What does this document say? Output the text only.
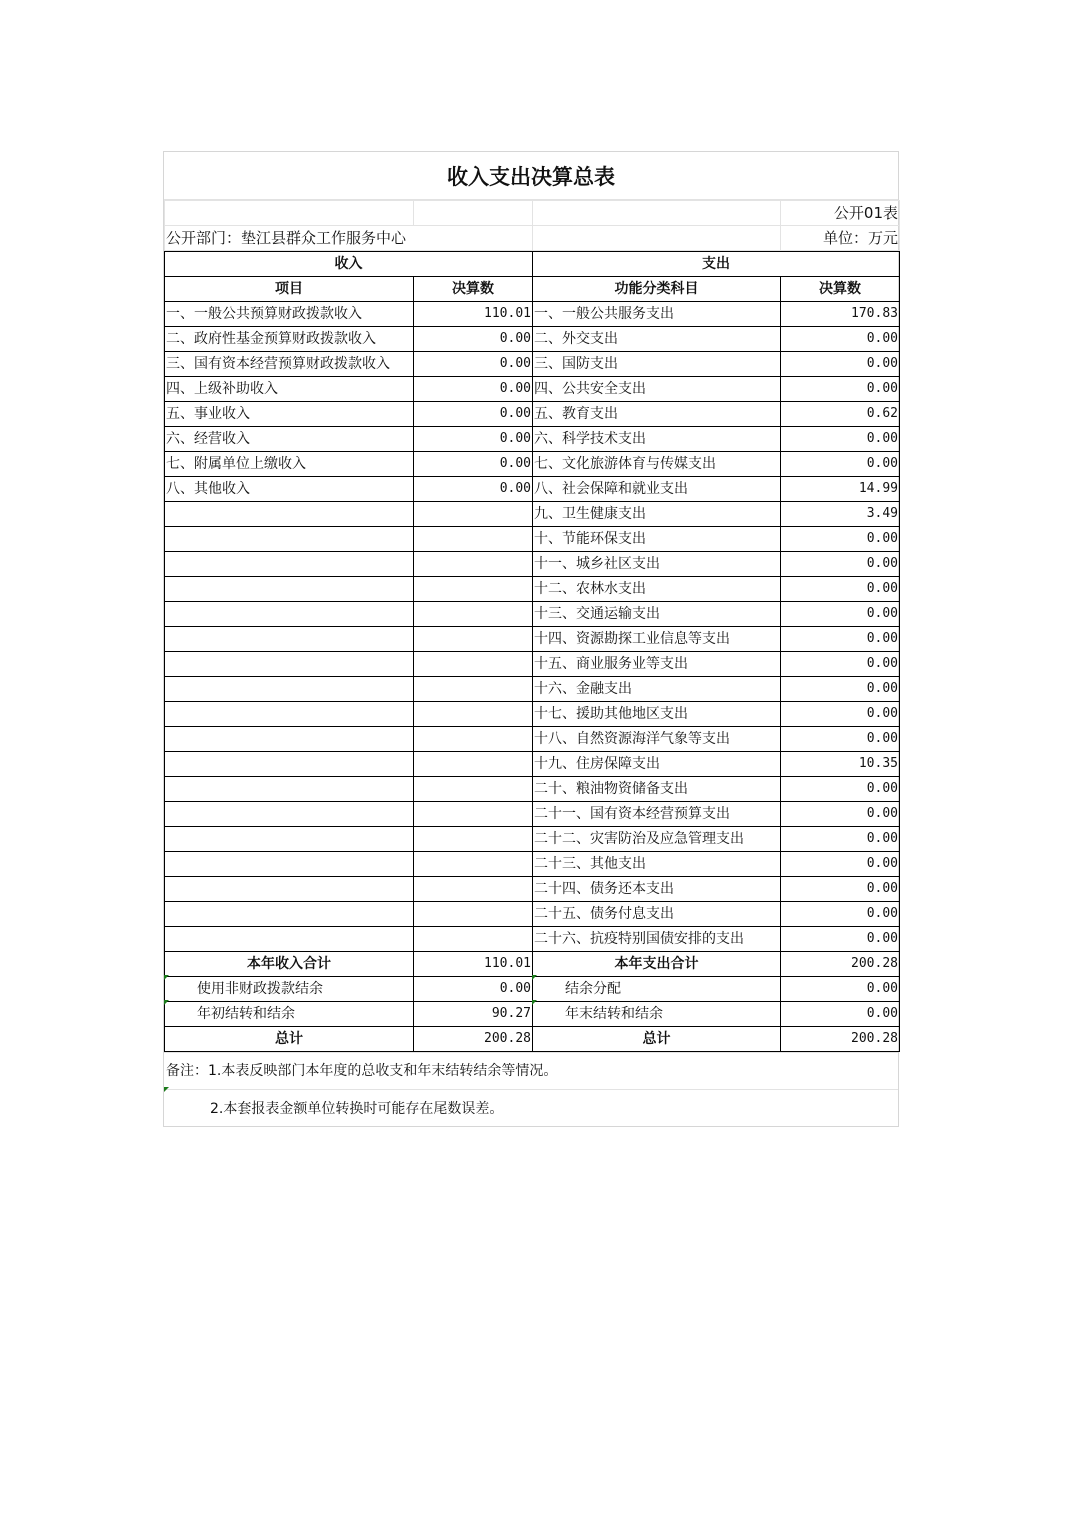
收入支出决算总表
			公开01表
公开部门：垫江县群众工作服务中心			单位：万元
收入		支出	
项目	决算数	功能分类科目	决算数
一、一般公共预算财政拨款收入	110.01	一、一般公共服务支出	170.83
二、政府性基金预算财政拨款收入	0.00	二、外交支出	0.00
三、国有资本经营预算财政拨款收入	0.00	三、国防支出	0.00
四、上级补助收入	0.00	四、公共安全支出	0.00
五、事业收入	0.00	五、教育支出	0.62
六、经营收入	0.00	六、科学技术支出	0.00
七、附属单位上缴收入	0.00	七、文化旅游体育与传媒支出	0.00
八、其他收入	0.00	八、社会保障和就业支出	14.99
		九、卫生健康支出	3.49
		十、节能环保支出	0.00
		十一、城乡社区支出	0.00
		十二、农林水支出	0.00
		十三、交通运输支出	0.00
		十四、资源勘探工业信息等支出	0.00
		十五、商业服务业等支出	0.00
		十六、金融支出	0.00
		十七、援助其他地区支出	0.00
		十八、自然资源海洋气象等支出	0.00
		十九、住房保障支出	10.35
		二十、粮油物资储备支出	0.00
		二十一、国有资本经营预算支出	0.00
		二十二、灾害防治及应急管理支出	0.00
		二十三、其他支出	0.00
		二十四、债务还本支出	0.00
		二十五、债务付息支出	0.00
		二十六、抗疫特别国债安排的支出	0.00
本年收入合计	110.01	本年支出合计	200.28
使用非财政拨款结余	0.00	结余分配	0.00
年初结转和结余	90.27	年末结转和结余	0.00
总计	200.28	总计	200.28
备注：1.本表反映部门本年度的总收支和年末结转结余等情况。
2.本套报表金额单位转换时可能存在尾数误差。
